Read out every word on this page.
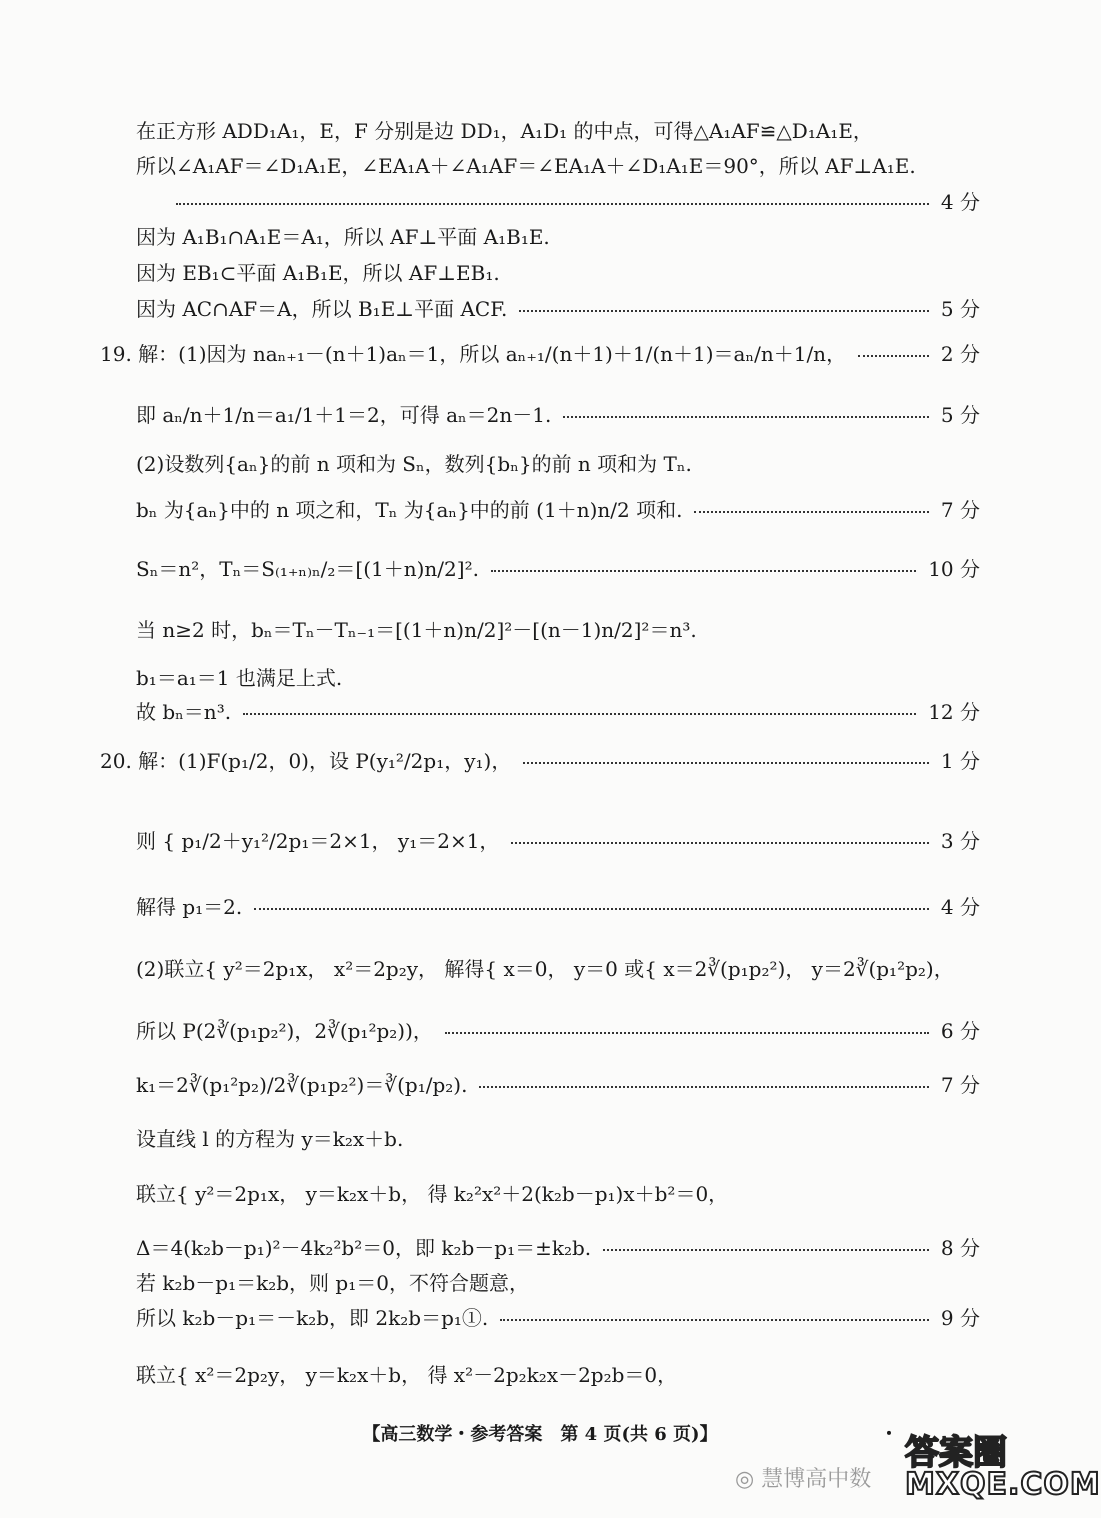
在正方形 ADD₁A₁，E，F 分别是边 DD₁，A₁D₁ 的中点，可得△A₁AF≌△D₁A₁E，
所以∠A₁AF＝∠D₁A₁E，∠EA₁A＋∠A₁AF＝∠EA₁A＋∠D₁A₁E＝90°，所以 AF⊥A₁E.
4 分
因为 A₁B₁∩A₁E＝A₁，所以 AF⊥平面 A₁B₁E.
因为 EB₁⊂平面 A₁B₁E，所以 AF⊥EB₁.
因为 AC∩AF＝A，所以 B₁E⊥平面 ACF.	5 分
19. 解：(1)因为 naₙ₊₁－(n＋1)aₙ＝1，所以 aₙ₊₁/(n＋1)＋1/(n＋1)＝aₙ/n＋1/n，	2 分
即 aₙ/n＋1/n＝a₁/1＋1＝2，可得 aₙ＝2n－1.	5 分
(2)设数列{aₙ}的前 n 项和为 Sₙ，数列{bₙ}的前 n 项和为 Tₙ.
bₙ 为{aₙ}中的 n 项之和，Tₙ 为{aₙ}中的前 (1＋n)n/2 项和.	7 分
Sₙ＝n²，Tₙ＝S₍₁₊ₙ₎ₙ/₂＝[(1＋n)n/2]².	10 分
当 n≥2 时，bₙ＝Tₙ－Tₙ₋₁＝[(1＋n)n/2]²－[(n－1)n/2]²＝n³.
b₁＝a₁＝1 也满足上式.
故 bₙ＝n³.	12 分
20. 解：(1)F(p₁/2，0)，设 P(y₁²/2p₁，y₁)，	1 分
则 { p₁/2＋y₁²/2p₁＝2×1， y₁＝2×1，	3 分
解得 p₁＝2.	4 分
(2)联立{ y²＝2p₁x， x²＝2p₂y， 解得{ x＝0， y＝0 或{ x＝2∛(p₁p₂²)， y＝2∛(p₁²p₂)，
所以 P(2∛(p₁p₂²)，2∛(p₁²p₂))，	6 分
k₁＝2∛(p₁²p₂)/2∛(p₁p₂²)＝∛(p₁/p₂).	7 分
设直线 l 的方程为 y＝k₂x＋b.
联立{ y²＝2p₁x， y＝k₂x＋b， 得 k₂²x²＋2(k₂b－p₁)x＋b²＝0，
Δ＝4(k₂b－p₁)²－4k₂²b²＝0，即 k₂b－p₁＝±k₂b.	8 分
若 k₂b－p₁＝k₂b，则 p₁＝0，不符合题意，
所以 k₂b－p₁＝－k₂b，即 2k₂b＝p₁①.	9 分
联立{ x²＝2p₂y， y＝k₂x＋b， 得 x²－2p₂k₂x－2p₂b＝0，
【高三数学・参考答案　第 4 页(共 6 页)】	・
◎ 慧博高中数
答案圈
MXQE.COM
